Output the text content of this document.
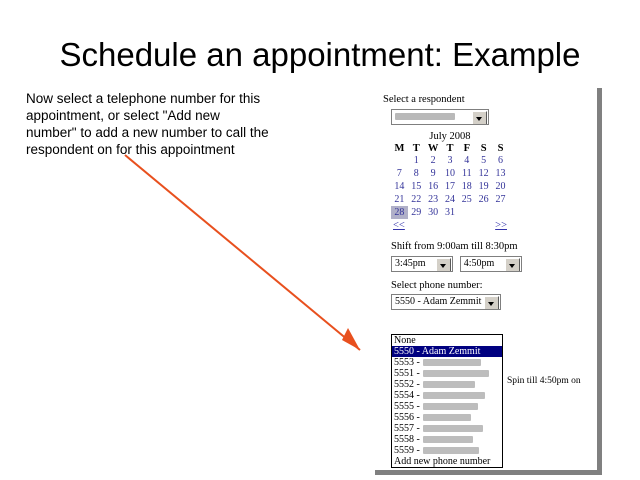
Schedule an appointment: Example
Now select a telephone number for this appointment, or select "Add new number" to add a new number to call the respondent on for this appointment
Select a respondent
July 2008
M	T	W	T	F	S	S
	1	2	3	4	5	6
7	8	9	10	11	12	13
14	15	16	17	18	19	20
21	22	23	24	25	26	27
28	29	30	31			
<<	>>
Shift from 9:00am till 8:30pm
3:45pm	4:50pm
Select phone number:
5550 - Adam Zemmit
None
5550 - Adam Zemmit
5553 -
5551 -
5552 -
5554 -
5555 -
5556 -
5557 -
5558 -
5559 -
Add new phone number
Spin till 4:50pm on
